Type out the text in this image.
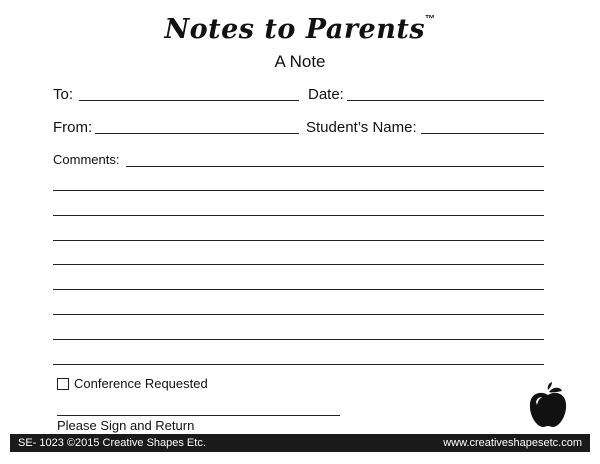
Notes to Parents™
A Note
To:	Date:
From:	Student’s Name:
Comments:
Conference Requested
Please Sign and Return
SE- 1023 ©2015 Creative Shapes Etc.	www.creativeshapesetc.com
